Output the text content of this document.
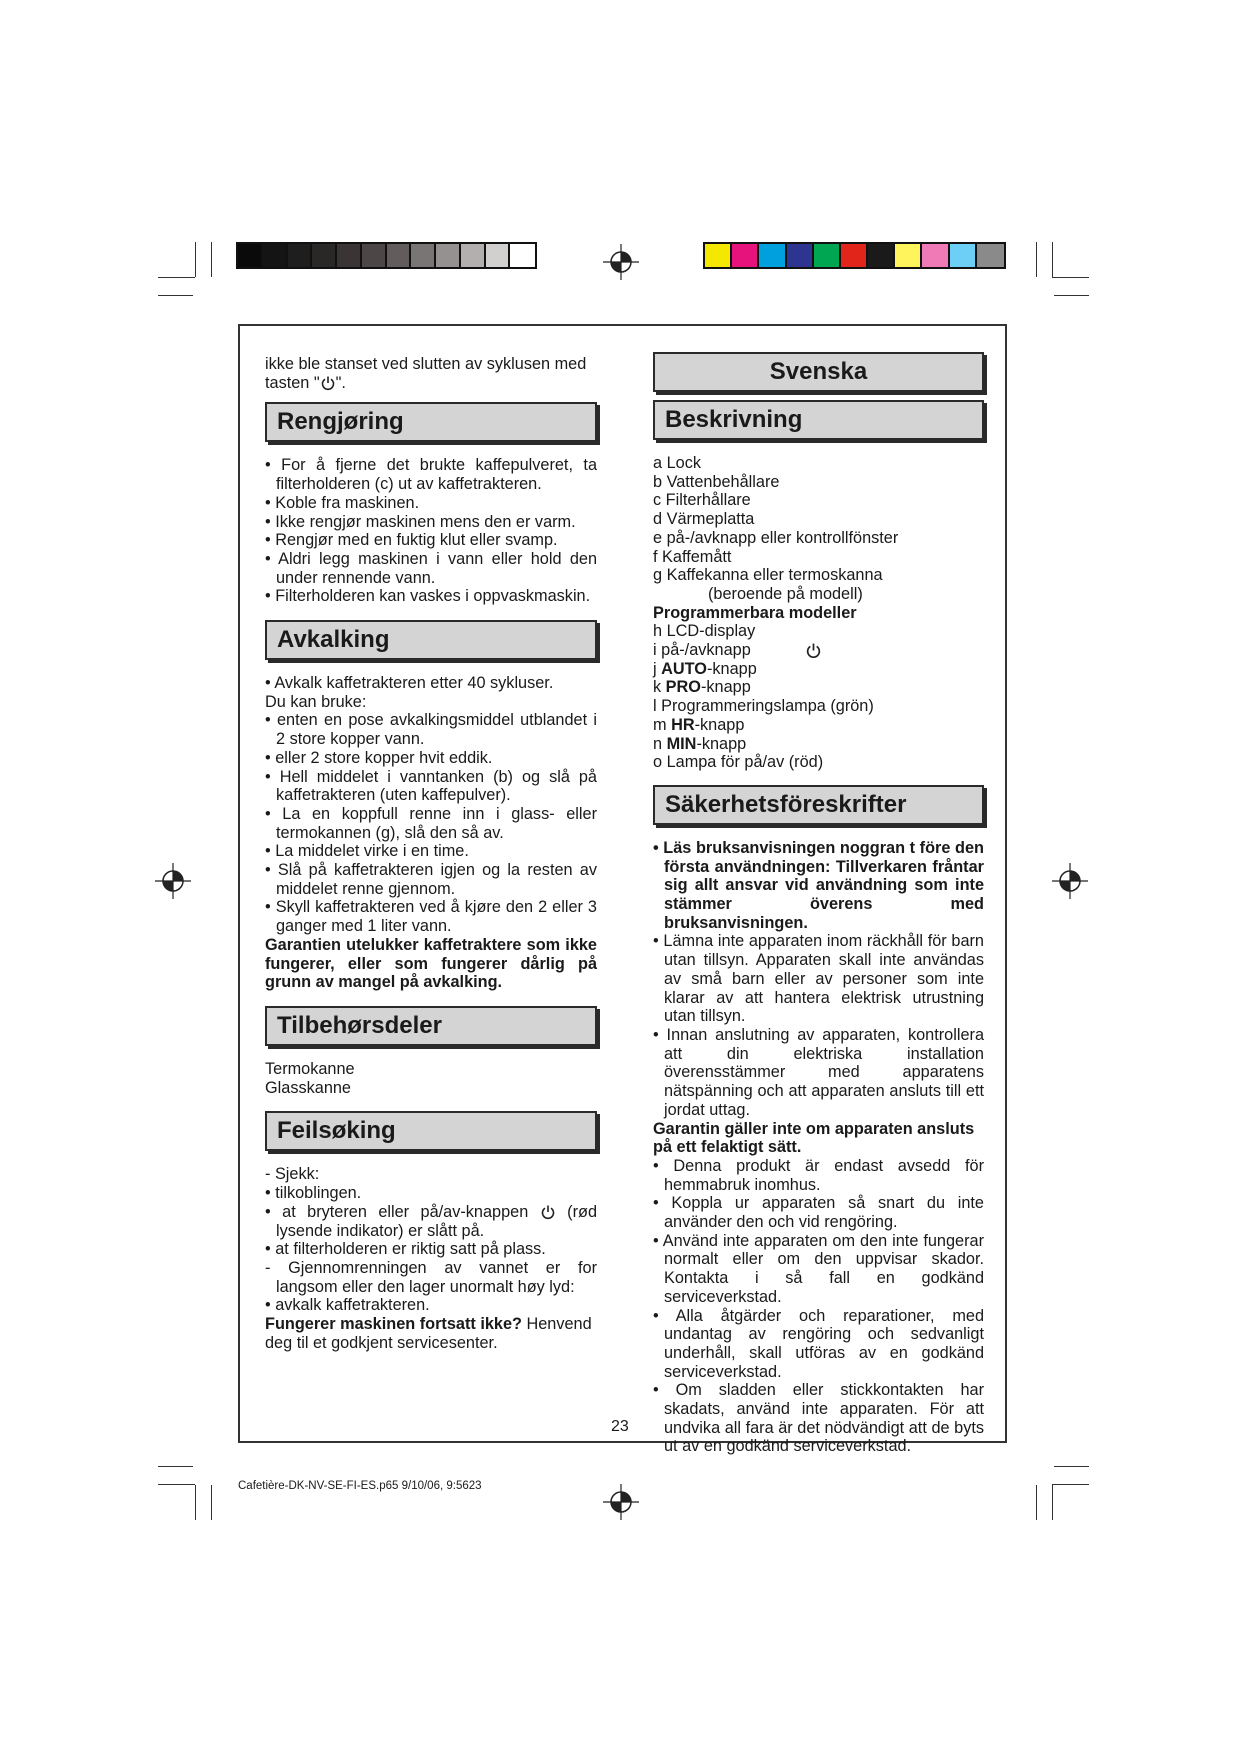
ikke ble stanset ved slutten av syklusen med
tasten " ".

Rengjøring

• For å fjerne det brukte kaffepulveret, ta filterholderen (c) ut av kaffetrakteren.

• Koble fra maskinen.

• Ikke rengjør maskinen mens den er varm.

• Rengjør med en fuktig klut eller svamp.

• Aldri legg maskinen i vann eller hold den under rennende vann.

• Filterholderen kan vaskes i oppvaskmaskin.

Avkalking

• Avkalk kaffetrakteren etter 40 sykluser.

Du kan bruke:

• enten en pose avkalkingsmiddel utblandet i 2 store kopper vann.

• eller 2 store kopper hvit eddik.

• Hell middelet i vanntanken (b) og slå på kaffetrakteren (uten kaffepulver).

• La en koppfull renne inn i glass- eller termokannen (g), slå den så av.

• La middelet virke i en time.

• Slå på kaffetrakteren igjen og la resten av middelet renne gjennom.

• Skyll kaffetrakteren ved å kjøre den 2 eller 3 ganger med 1 liter vann.

Garantien utelukker kaffetraktere som ikke fungerer, eller som fungerer dårlig på grunn av mangel på avkalking.

Tilbehørsdeler

Termokanne

Glasskanne

Feilsøking

- Sjekk:

• tilkoblingen.

• at bryteren eller på/av-knappen (rød lysende indikator) er slått på.

• at filterholderen er riktig satt på plass.

- Gjennomrenningen av vannet er for langsom eller den lager unormalt høy lyd:

• avkalk kaffetrakteren.

Fungerer maskinen fortsatt ikke? Henvend deg til et godkjent servicesenter.

Svenska
Beskrivning

a Lock

b Vattenbehållare

c Filterhållare

d Värmeplatta

e på-/avknapp eller kontrollfönster

f Kaffemått

g Kaffekanna eller termoskanna

(beroende på modell)

Programmerbara modeller

h LCD-display

i på-/avknapp

j AUTO-knapp

k PRO-knapp

l Programmeringslampa (grön)

m HR-knapp

n MIN-knapp

o Lampa för på/av (röd)

Säkerhetsföreskrifter

• Läs bruksanvisningen noggran t före den första användningen: Tillverkaren fråntar sig allt ansvar vid användning som inte stämmer överens med bruksanvisningen.

• Lämna inte apparaten inom räckhåll för barn utan tillsyn. Apparaten skall inte användas av små barn eller av personer som inte klarar av att hantera elektrisk utrustning utan tillsyn.

• Innan anslutning av apparaten, kontrollera att din elektriska installation överensstämmer med apparatens nätspänning och att apparaten ansluts till ett jordat uttag.

Garantin gäller inte om apparaten ansluts på ett felaktigt sätt.

• Denna produkt är endast avsedd för hemmabruk inomhus.

• Koppla ur apparaten så snart du inte använder den och vid rengöring.

• Använd inte apparaten om den inte fungerar normalt eller om den uppvisar skador. Kontakta i så fall en godkänd serviceverkstad.

• Alla åtgärder och reparationer, med undantag av rengöring och sedvanligt underhåll, skall utföras av en godkänd serviceverkstad.

• Om sladden eller stickkontakten har skadats, använd inte apparaten. För att undvika all fara är det nödvändigt att de byts ut av en godkänd serviceverkstad.

23
Cafetière-DK-NV-SE-FI-ES.p65 9/10/06, 9:5623
